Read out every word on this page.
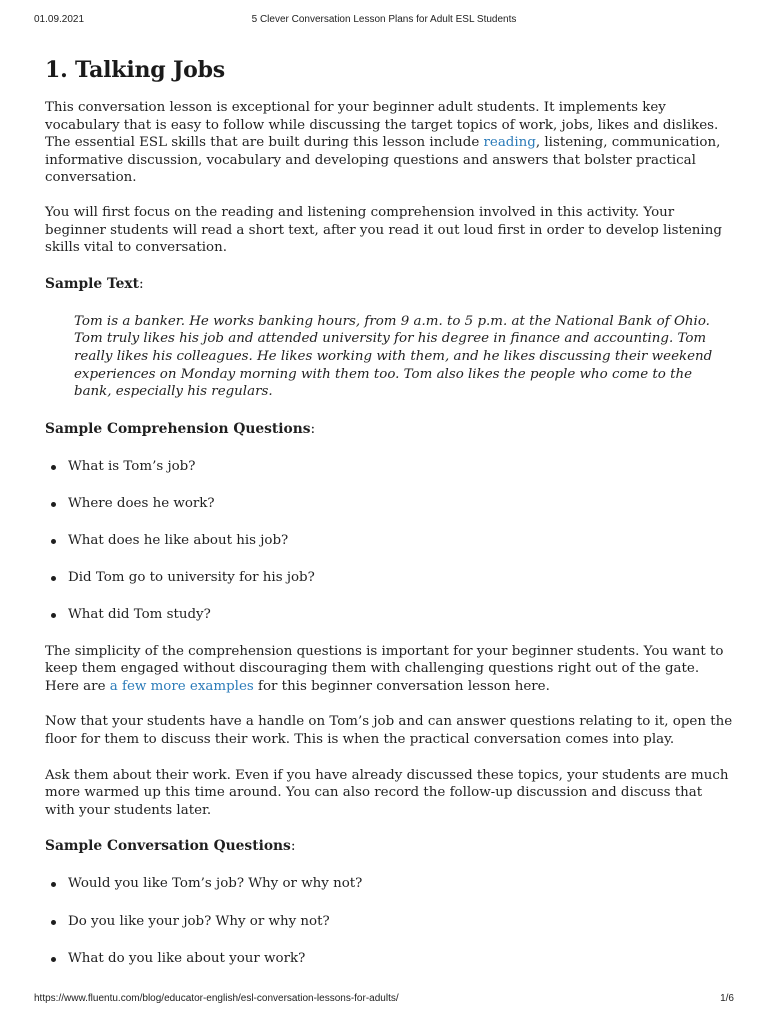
01.09.2021	5 Clever Conversation Lesson Plans for Adult ESL Students
1. Talking Jobs

This conversation lesson is exceptional for your beginner adult students. It implements key vocabulary that is easy to follow while discussing the target topics of work, jobs, likes and dislikes. The essential ESL skills that are built during this lesson include reading, listening, communication, informative discussion, vocabulary and developing questions and answers that bolster practical conversation.

You will first focus on the reading and listening comprehension involved in this activity. Your beginner students will read a short text, after you read it out loud first in order to develop listening skills vital to conversation.

Sample Text:
Tom is a banker. He works banking hours, from 9 a.m. to 5 p.m. at the National Bank of Ohio. Tom truly likes his job and attended university for his degree in finance and accounting. Tom really likes his colleagues. He likes working with them, and he likes discussing their weekend experiences on Monday morning with them too. Tom also likes the people who come to the bank, especially his regulars.
Sample Comprehension Questions:
What is Tom’s job?
Where does he work?
What does he like about his job?
Did Tom go to university for his job?
What did Tom study?

The simplicity of the comprehension questions is important for your beginner students. You want to keep them engaged without discouraging them with challenging questions right out of the gate. Here are a few more examples for this beginner conversation lesson here.

Now that your students have a handle on Tom’s job and can answer questions relating to it, open the floor for them to discuss their work. This is when the practical conversation comes into play.

Ask them about their work. Even if you have already discussed these topics, your students are much more warmed up this time around. You can also record the follow-up discussion and discuss that with your students later.

Sample Conversation Questions:
Would you like Tom’s job? Why or why not?
Do you like your job? Why or why not?
What do you like about your work?
https://www.fluentu.com/blog/educator-english/esl-conversation-lessons-for-adults/	1/6
